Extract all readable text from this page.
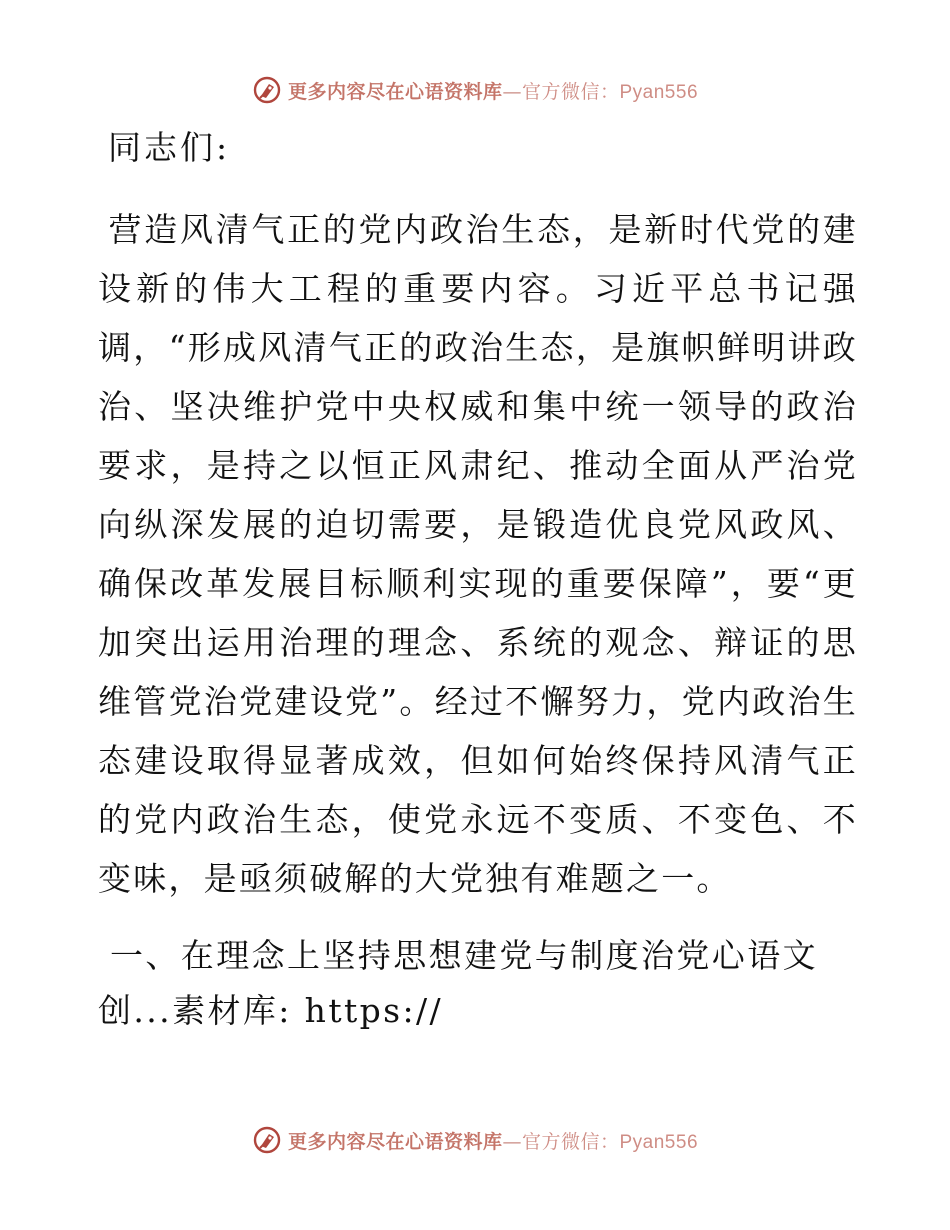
更多内容尽在心语资料库—官方微信：Pyan556

同志们:

营造风清气正的党内政治生态，是新时代党的建设新的伟大工程的重要内容。习近平总书记强调，“形成风清气正的政治生态，是旗帜鲜明讲政治、坚决维护党中央权威和集中统一领导的政治要求，是持之以恒正风肃纪、推动全面从严治党向纵深发展的迫切需要，是锻造优良党风政风、确保改革发展目标顺利实现的重要保障”，要“更加突出运用治理的理念、系统的观念、辩证的思维管党治党建设党”。经过不懈努力，党内政治生态建设取得显著成效，但如何始终保持风清气正的党内政治生态，使党永远不变质、不变色、不变味，是亟须破解的大党独有难题之一。

一、在理念上坚持思想建党与制度治党心语文创...素材库: https://

更多内容尽在心语资料库—官方微信：Pyan556
